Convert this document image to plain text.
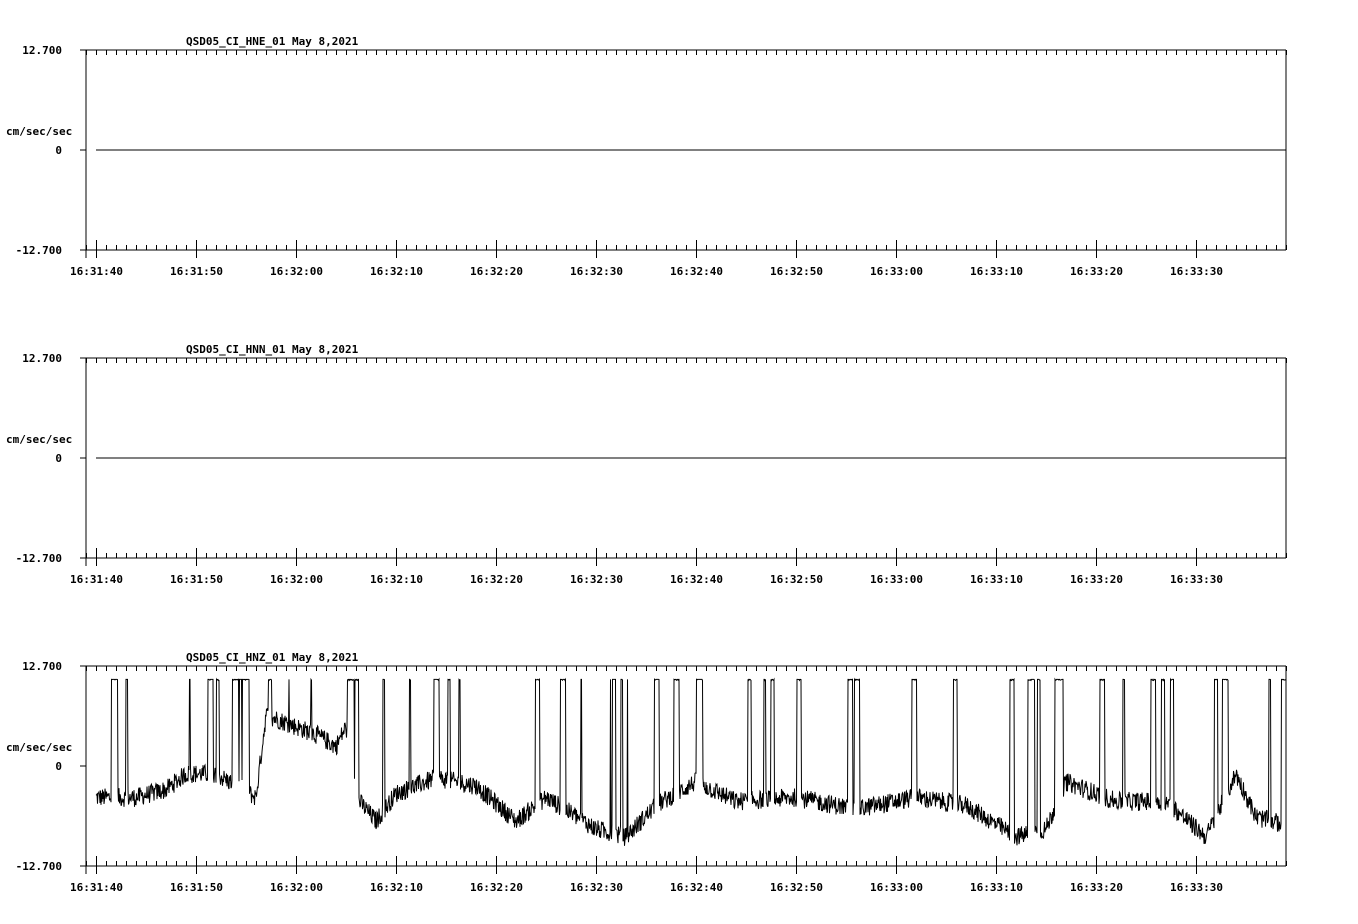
QSD05_CI_HNE_01 May 8,2021
12.700
0
-12.700
cm/sec/sec
16:31:40	16:31:50	16:32:00	16:32:10	16:32:20	16:32:30	16:32:40	16:32:50	16:33:00	16:33:10	16:33:20	16:33:30
QSD05_CI_HNN_01 May 8,2021
12.700
0
-12.700
cm/sec/sec
16:31:40	16:31:50	16:32:00	16:32:10	16:32:20	16:32:30	16:32:40	16:32:50	16:33:00	16:33:10	16:33:20	16:33:30
QSD05_CI_HNZ_01 May 8,2021
12.700
0
-12.700
cm/sec/sec
16:31:40	16:31:50	16:32:00	16:32:10	16:32:20	16:32:30	16:32:40	16:32:50	16:33:00	16:33:10	16:33:20	16:33:30
